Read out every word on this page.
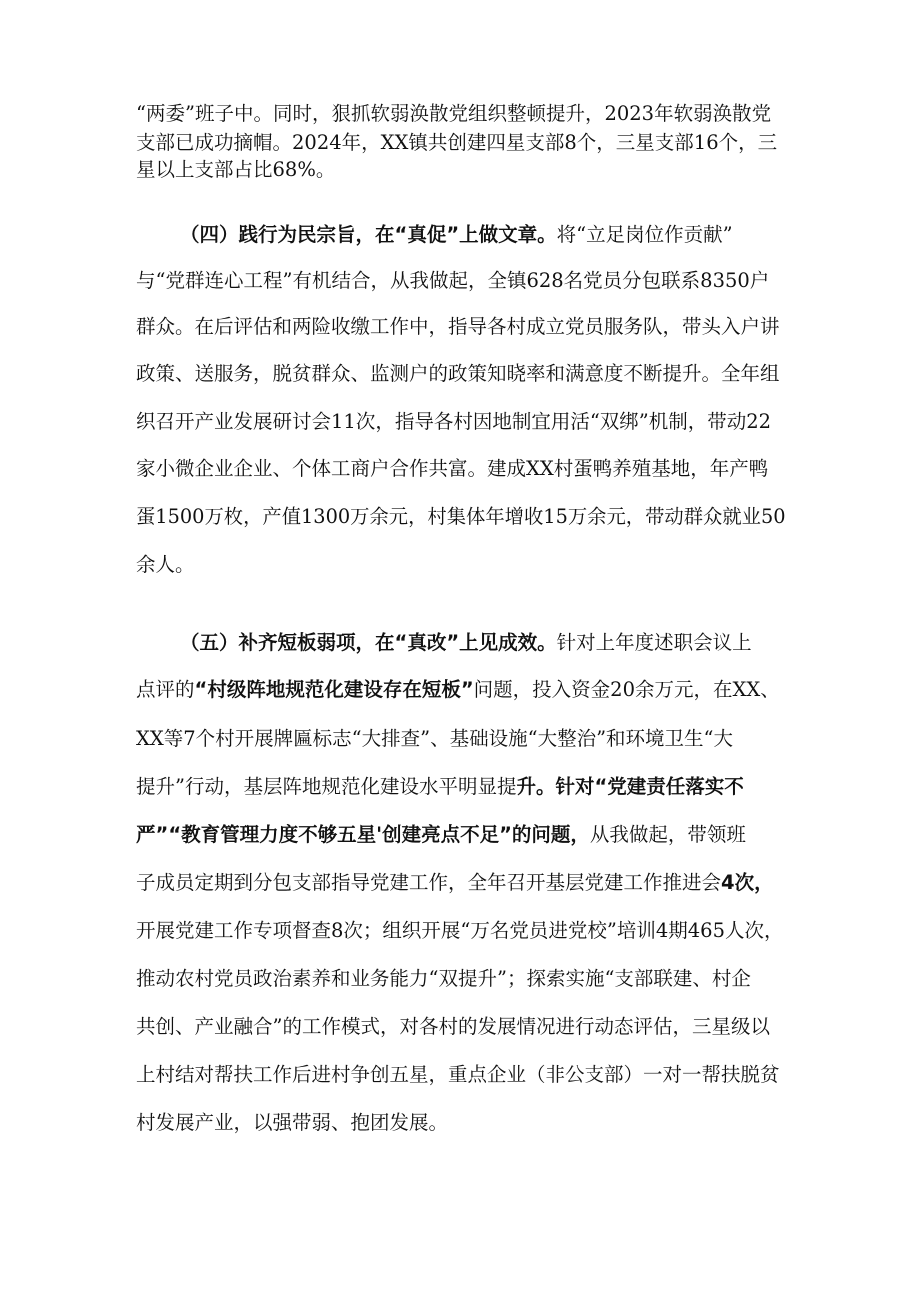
“两委”班子中。同时，狠抓软弱涣散党组织整顿提升，2023年软弱涣散党
支部已成功摘帽。2024年，XX镇共创建四星支部8个，三星支部16个，三
星以上支部占比68%。
（四）践行为民宗旨，在“真促”上做文章。将“立足岗位作贡献”
与“党群连心工程”有机结合，从我做起，全镇628名党员分包联系8350户
群众。在后评估和两险收缴工作中，指导各村成立党员服务队，带头入户讲
政策、送服务，脱贫群众、监测户的政策知晓率和满意度不断提升。全年组
织召开产业发展研讨会11次，指导各村因地制宜用活“双绑”机制，带动22
家小微企业企业、个体工商户合作共富。建成XX村蛋鸭养殖基地，年产鸭
蛋1500万枚，产值1300万余元，村集体年增收15万余元，带动群众就业50
余人。
（五）补齐短板弱项，在“真改”上见成效。针对上年度述职会议上
点评的“村级阵地规范化建设存在短板”问题，投入资金20余万元，在XX、
XX等7个村开展牌匾标志“大排查”、基础设施“大整治”和环境卫生“大
提升”行动，基层阵地规范化建设水平明显提升。针对“党建责任落实不
严”“教育管理力度不够五星'创建亮点不足”的问题，从我做起，带领班
子成员定期到分包支部指导党建工作，全年召开基层党建工作推进会4次，
开展党建工作专项督查8次；组织开展“万名党员进党校”培训4期465人次，
推动农村党员政治素养和业务能力“双提升”；探索实施“支部联建、村企
共创、产业融合”的工作模式，对各村的发展情况进行动态评估，三星级以
上村结对帮扶工作后进村争创五星，重点企业（非公支部）一对一帮扶脱贫
村发展产业，以强带弱、抱团发展。
